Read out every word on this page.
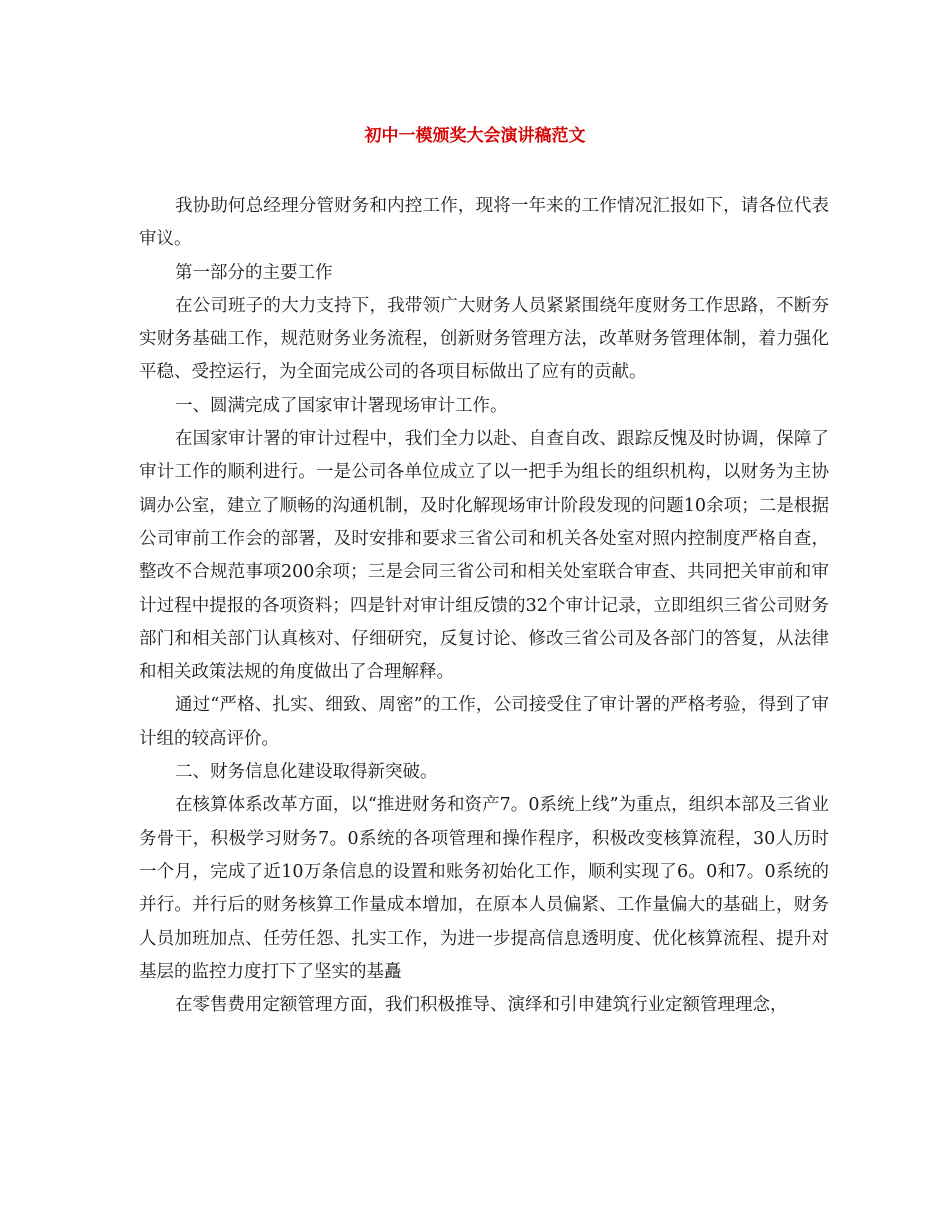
初中一模颁奖大会演讲稿范文

我协助何总经理分管财务和内控工作，现将一年来的工作情况汇报如下，请各位代表审议。

第一部分的主要工作

在公司班子的大力支持下，我带领广大财务人员紧紧围绕年度财务工作思路，不断夯实财务基础工作，规范财务业务流程，创新财务管理方法，改革财务管理体制，着力强化平稳、受控运行，为全面完成公司的各项目标做出了应有的贡献。

一、圆满完成了国家审计署现场审计工作。

在国家审计署的审计过程中，我们全力以赴、自查自改、跟踪反愧及时协调，保障了审计工作的顺利进行。一是公司各单位成立了以一把手为组长的组织机构，以财务为主协调办公室，建立了顺畅的沟通机制，及时化解现场审计阶段发现的问题10余项；二是根据公司审前工作会的部署，及时安排和要求三省公司和机关各处室对照内控制度严格自查，整改不合规范事项200余项；三是会同三省公司和相关处室联合审查、共同把关审前和审计过程中提报的各项资料；四是针对审计组反馈的32个审计记录，立即组织三省公司财务部门和相关部门认真核对、仔细研究，反复讨论、修改三省公司及各部门的答复，从法律和相关政策法规的角度做出了合理解释。

通过“严格、扎实、细致、周密”的工作，公司接受住了审计署的严格考验，得到了审计组的较高评价。

二、财务信息化建设取得新突破。

在核算体系改革方面，以“推进财务和资产7。0系统上线”为重点，组织本部及三省业务骨干，积极学习财务7。0系统的各项管理和操作程序，积极改变核算流程，30人历时一个月，完成了近10万条信息的设置和账务初始化工作，顺利实现了6。0和7。0系统的并行。并行后的财务核算工作量成本增加，在原本人员偏紧、工作量偏大的基础上，财务人员加班加点、任劳任怨、扎实工作，为进一步提高信息透明度、优化核算流程、提升对基层的监控力度打下了坚实的基矗

在零售费用定额管理方面，我们积极推导、演绎和引申建筑行业定额管理理念，
